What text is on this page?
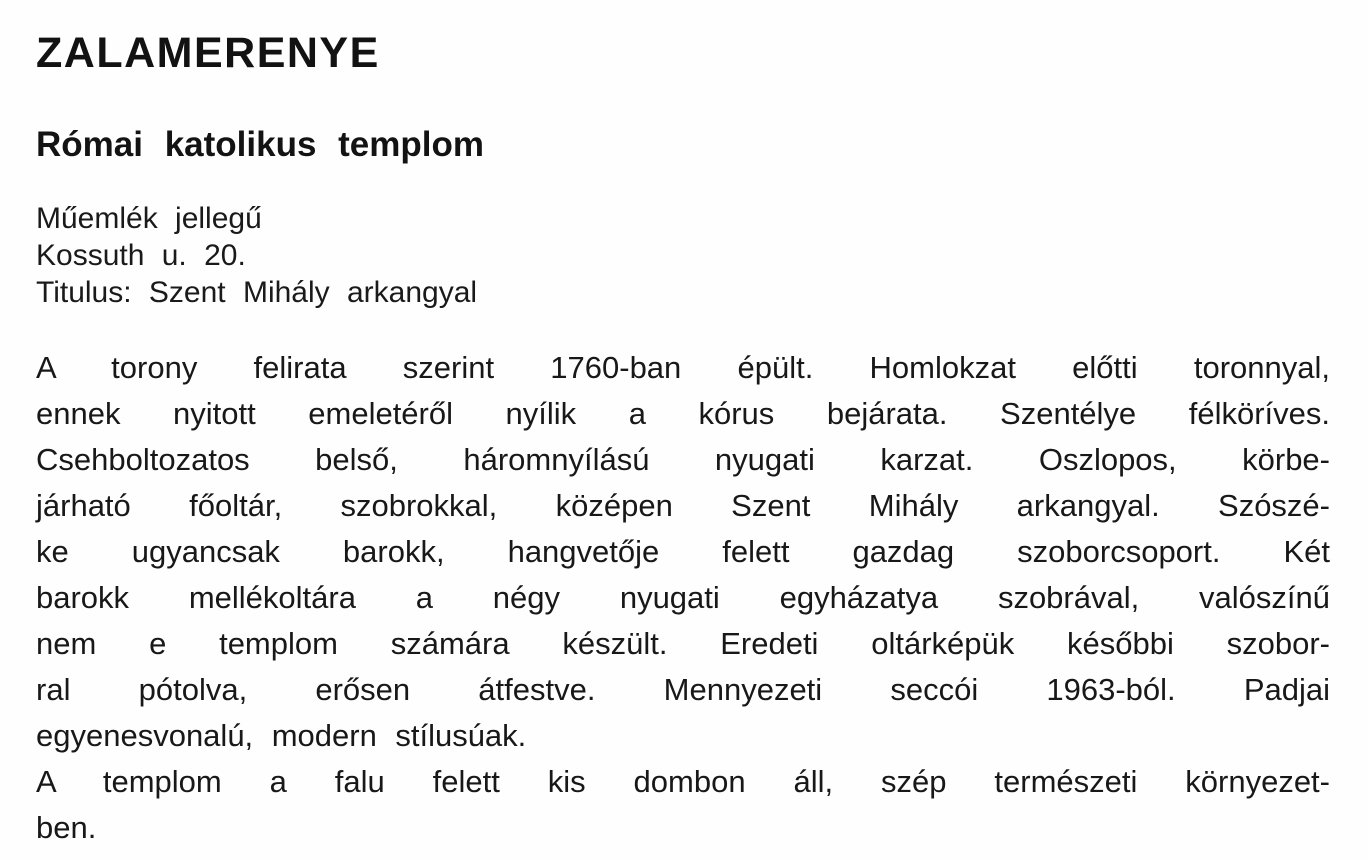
ZALAMERENYE
Római katolikus templom
Műemlék jellegű
Kossuth u. 20.
Titulus: Szent Mihály arkangyal
A torony felirata szerint 1760-ban épült. Homlokzat előtti toronnyal,
ennek nyitott emeletéről nyílik a kórus bejárata. Szentélye félköríves.
Csehboltozatos belső, háromnyílású nyugati karzat. Oszlopos, körbe-
járható főoltár, szobrokkal, középen Szent Mihály arkangyal. Szószé-
ke ugyancsak barokk, hangvetője felett gazdag szoborcsoport. Két
barokk mellékoltára a négy nyugati egyházatya szobrával, valószínű
nem e templom számára készült. Eredeti oltárképük későbbi szobor-
ral pótolva, erősen átfestve. Mennyezeti seccói 1963-ból. Padjai
egyenesvonalú, modern stílusúak.
A templom a falu felett kis dombon áll, szép természeti környezet-
ben.
